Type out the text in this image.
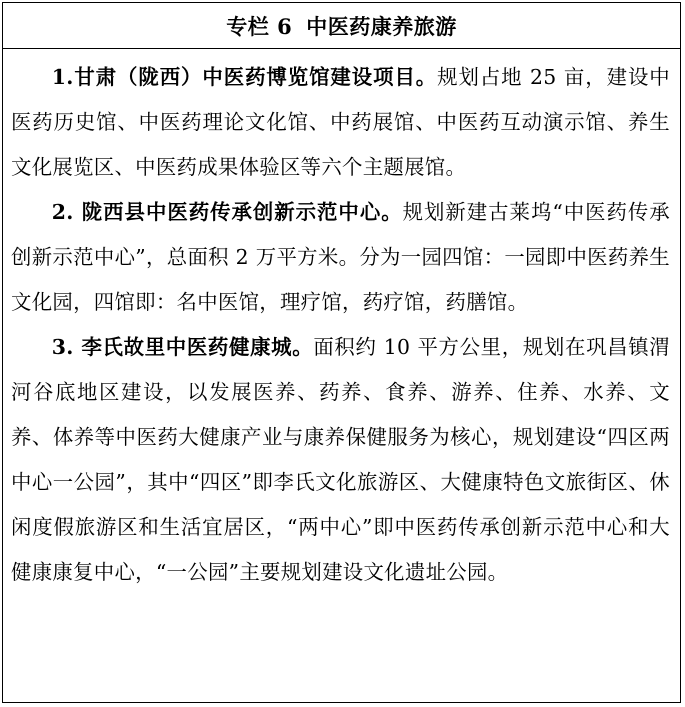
专栏 6 中医药康养旅游

1.甘肃（陇西）中医药博览馆建设项目。规划占地 25 亩，建设中医药历史馆、中医药理论文化馆、中药展馆、中医药互动演示馆、养生文化展览区、中医药成果体验区等六个主题展馆。

2. 陇西县中医药传承创新示范中心。规划新建古莱坞“中医药传承创新示范中心”，总面积 2 万平方米。分为一园四馆：一园即中医药养生文化园，四馆即：名中医馆，理疗馆，药疗馆，药膳馆。

3. 李氏故里中医药健康城。面积约 10 平方公里，规划在巩昌镇渭河谷底地区建设，以发展医养、药养、食养、游养、住养、水养、文养、体养等中医药大健康产业与康养保健服务为核心，规划建设“四区两中心一公园”，其中“四区”即李氏文化旅游区、大健康特色文旅街区、休闲度假旅游区和生活宜居区，“两中心”即中医药传承创新示范中心和大健康康复中心，“一公园”主要规划建设文化遗址公园。
